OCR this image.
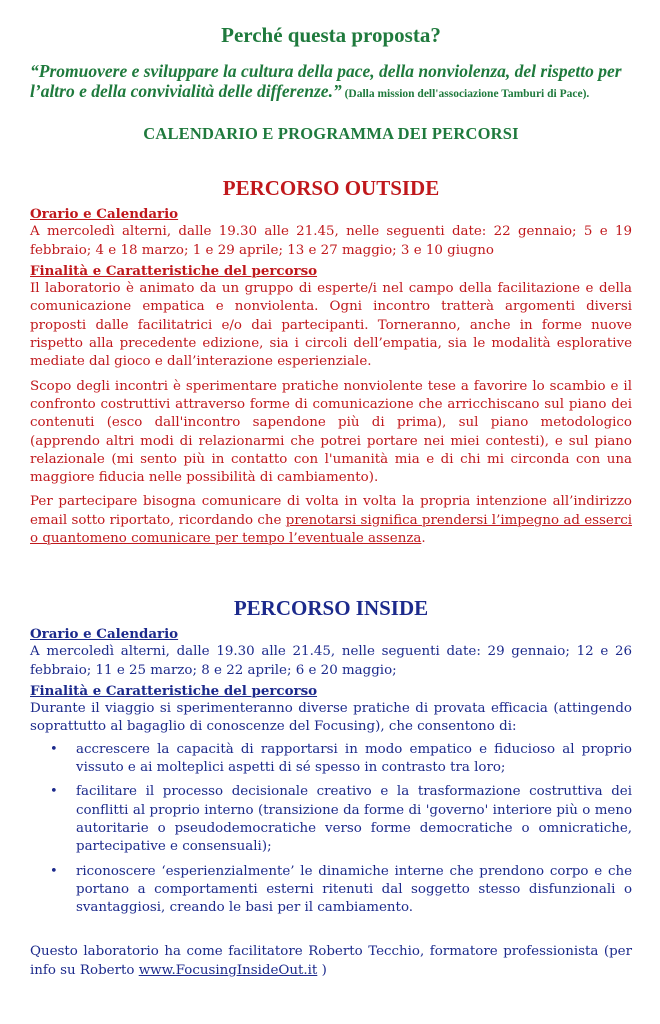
Perché questa proposta?

“Promuovere e sviluppare la cultura della pace, della nonviolenza, del rispetto per l’altro e della convivialità delle differenze.” (Dalla mission dell'associazione Tamburi di Pace).

CALENDARIO E PROGRAMMA DEI PERCORSI
PERCORSO OUTSIDE

Orario e Calendario

A mercoledì alterni, dalle 19.30 alle 21.45, nelle seguenti date: 22 gennaio; 5 e 19 febbraio; 4 e 18 marzo; 1 e 29 aprile; 13 e 27 maggio; 3 e 10 giugno

Finalità e Caratteristiche del percorso

Il laboratorio è animato da un gruppo di esperte/i nel campo della facilitazione e della comunicazione empatica e nonviolenta. Ogni incontro tratterà argomenti diversi proposti dalle facilitatrici e/o dai partecipanti. Torneranno, anche in forme nuove rispetto alla precedente edizione, sia i circoli dell’empatia, sia le modalità esplorative mediate dal gioco e dall’interazione esperienziale.

Scopo degli incontri è sperimentare pratiche nonviolente tese a favorire lo scambio e il confronto costruttivi attraverso forme di comunicazione che arricchiscano sul piano dei contenuti (esco dall'incontro sapendone più di prima), sul piano metodologico (apprendo altri modi di relazionarmi che potrei portare nei miei contesti), e sul piano relazionale (mi sento più in contatto con l'umanità mia e di chi mi circonda con una maggiore fiducia nelle possibilità di cambiamento).

Per partecipare bisogna comunicare di volta in volta la propria intenzione all’indirizzo email sotto riportato, ricordando che prenotarsi significa prendersi l’impegno ad esserci o quantomeno comunicare per tempo l’eventuale assenza.

PERCORSO INSIDE

Orario e Calendario

A mercoledì alterni, dalle 19.30 alle 21.45, nelle seguenti date: 29 gennaio; 12 e 26 febbraio; 11 e 25 marzo; 8 e 22 aprile; 6 e 20 maggio;

Finalità e Caratteristiche del percorso

Durante il viaggio si sperimenteranno diverse pratiche di provata efficacia (attingendo soprattutto al bagaglio di conoscenze del Focusing), che consentono di:

• accrescere la capacità di rapportarsi in modo empatico e fiducioso al proprio vissuto e ai molteplici aspetti di sé spesso in contrasto tra loro;
• facilitare il processo decisionale creativo e la trasformazione costruttiva dei conflitti al proprio interno (transizione da forme di 'governo' interiore più o meno autoritarie o pseudodemocratiche verso forme democratiche o omnicratiche, partecipative e consensuali);
• riconoscere ‘esperienzialmente’ le dinamiche interne che prendono corpo e che portano a comportamenti esterni ritenuti dal soggetto stesso disfunzionali o svantaggiosi, creando le basi per il cambiamento.

Questo laboratorio ha come facilitatore Roberto Tecchio, formatore professionista (per info su Roberto www.FocusingInsideOut.it )
